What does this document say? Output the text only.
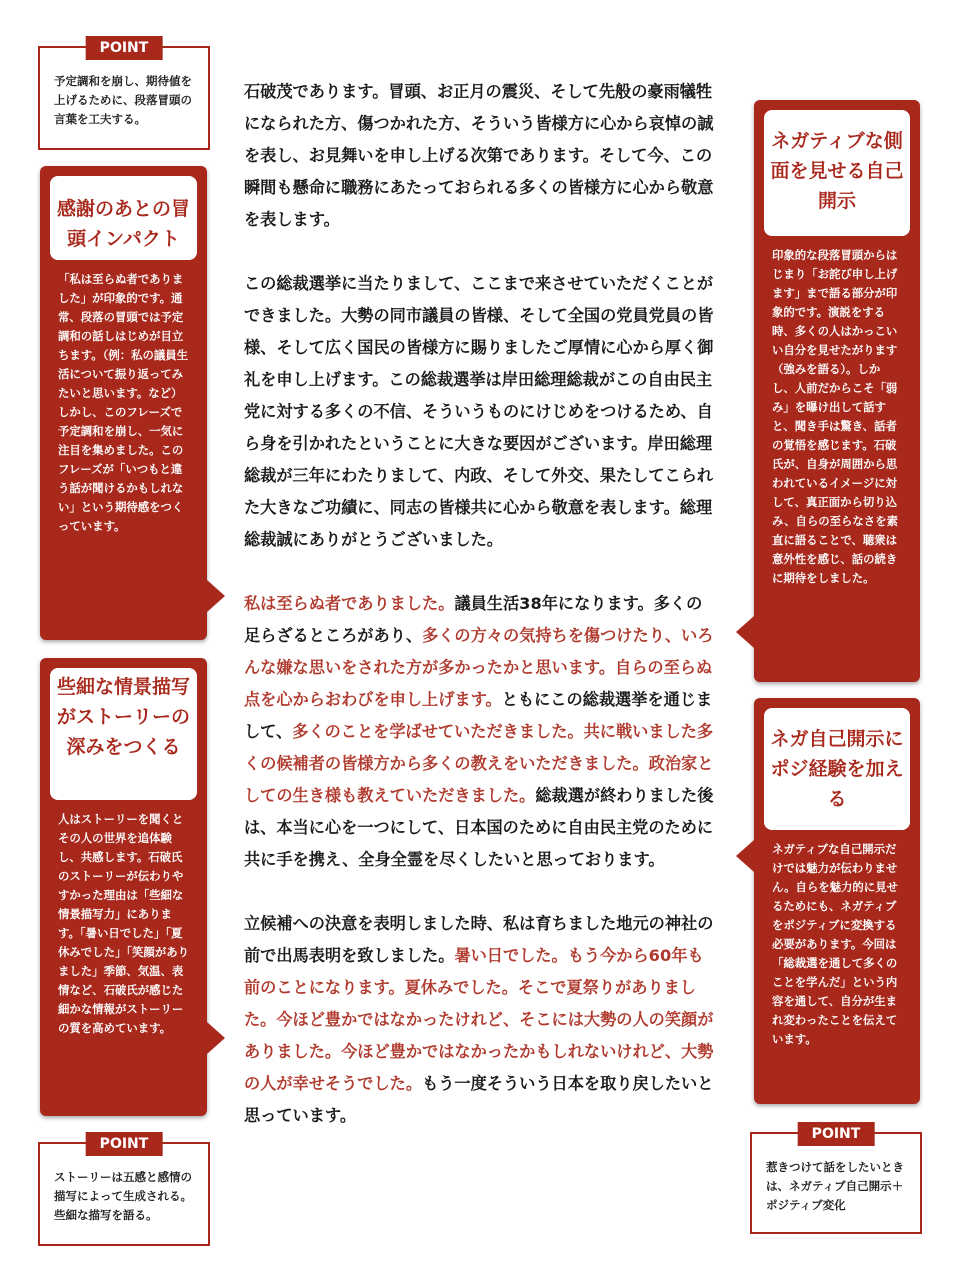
POINT
予定調和を崩し、期待値を上げるために、段落冒頭の言葉を工夫する。
感謝のあとの冒頭インパクト
「私は至らぬ者でありました」が印象的です。通常、段落の冒頭では予定調和の話しはじめが目立ちます。（例：私の議員生活について振り返ってみたいと思います。など）しかし、このフレーズで予定調和を崩し、一気に注目を集めました。このフレーズが「いつもと違う話が聞けるかもしれない」という期待感をつくっています。
些細な情景描写がストーリーの深みをつくる
人はストーリーを聞くとその人の世界を追体験し、共感します。石破氏のストーリーが伝わりやすかった理由は「些細な情景描写力」にあります。「暑い日でした」「夏休みでした」「笑顔がありました」季節、気温、表情など、石破氏が感じた細かな情報がストーリーの質を高めています。
POINT
ストーリーは五感と感情の描写によって生成される。些細な描写を語る。
ネガティブな側面を見せる自己開示
印象的な段落冒頭からはじまり「お詫び申し上げます」まで語る部分が印象的です。演説をする時、多くの人はかっこいい自分を見せたがります（強みを語る）。しかし、人前だからこそ「弱み」を曝け出して話すと、聞き手は驚き、話者の覚悟を感じます。石破氏が、自身が周囲から思われているイメージに対して、真正面から切り込み、自らの至らなさを素直に語ることで、聴衆は意外性を感じ、話の続きに期待をしました。
ネガ自己開示にポジ経験を加える
ネガティブな自己開示だけでは魅力が伝わりません。自らを魅力的に見せるためにも、ネガティブをポジティブに変換する必要があります。今回は「総裁選を通して多くのことを学んだ」という内容を通して、自分が生まれ変わったことを伝えています。
POINT
惹きつけて話をしたいときは、ネガティブ自己開示＋ポジティブ変化

石破茂であります。冒頭、お正月の震災、そして先般の豪雨犠牲になられた方、傷つかれた方、そういう皆様方に心から哀悼の誠を表し、お見舞いを申し上げる次第であります。そして今、この瞬間も懸命に職務にあたっておられる多くの皆様方に心から敬意を表します。

この総裁選挙に当たりまして、ここまで来させていただくことができました。大勢の同市議員の皆様、そして全国の党員党員の皆様、そして広く国民の皆様方に賜りましたご厚情に心から厚く御礼を申し上げます。この総裁選挙は岸田総理総裁がこの自由民主党に対する多くの不信、そういうものにけじめをつけるため、自ら身を引かれたということに大きな要因がございます。岸田総理総裁が三年にわたりまして、内政、そして外交、果たしてこられた大きなご功績に、同志の皆様共に心から敬意を表します。総理総裁誠にありがとうございました。

私は至らぬ者でありました。議員生活38年になります。多くの足らざるところがあり、多くの方々の気持ちを傷つけたり、いろんな嫌な思いをされた方が多かったかと思います。自らの至らぬ点を心からおわびを申し上げます。ともにこの総裁選挙を通じまして、多くのことを学ばせていただきました。共に戦いました多くの候補者の皆様方から多くの教えをいただきました。政治家としての生き様も教えていただきました。総裁選が終わりました後は、本当に心を一つにして、日本国のために自由民主党のために共に手を携え、全身全霊を尽くしたいと思っております。

立候補への決意を表明しました時、私は育ちました地元の神社の前で出馬表明を致しました。暑い日でした。もう今から60年も前のことになります。夏休みでした。そこで夏祭りがありました。今ほど豊かではなかったけれど、そこには大勢の人の笑顔がありました。今ほど豊かではなかったかもしれないけれど、大勢の人が幸せそうでした。もう一度そういう日本を取り戻したいと思っています。
